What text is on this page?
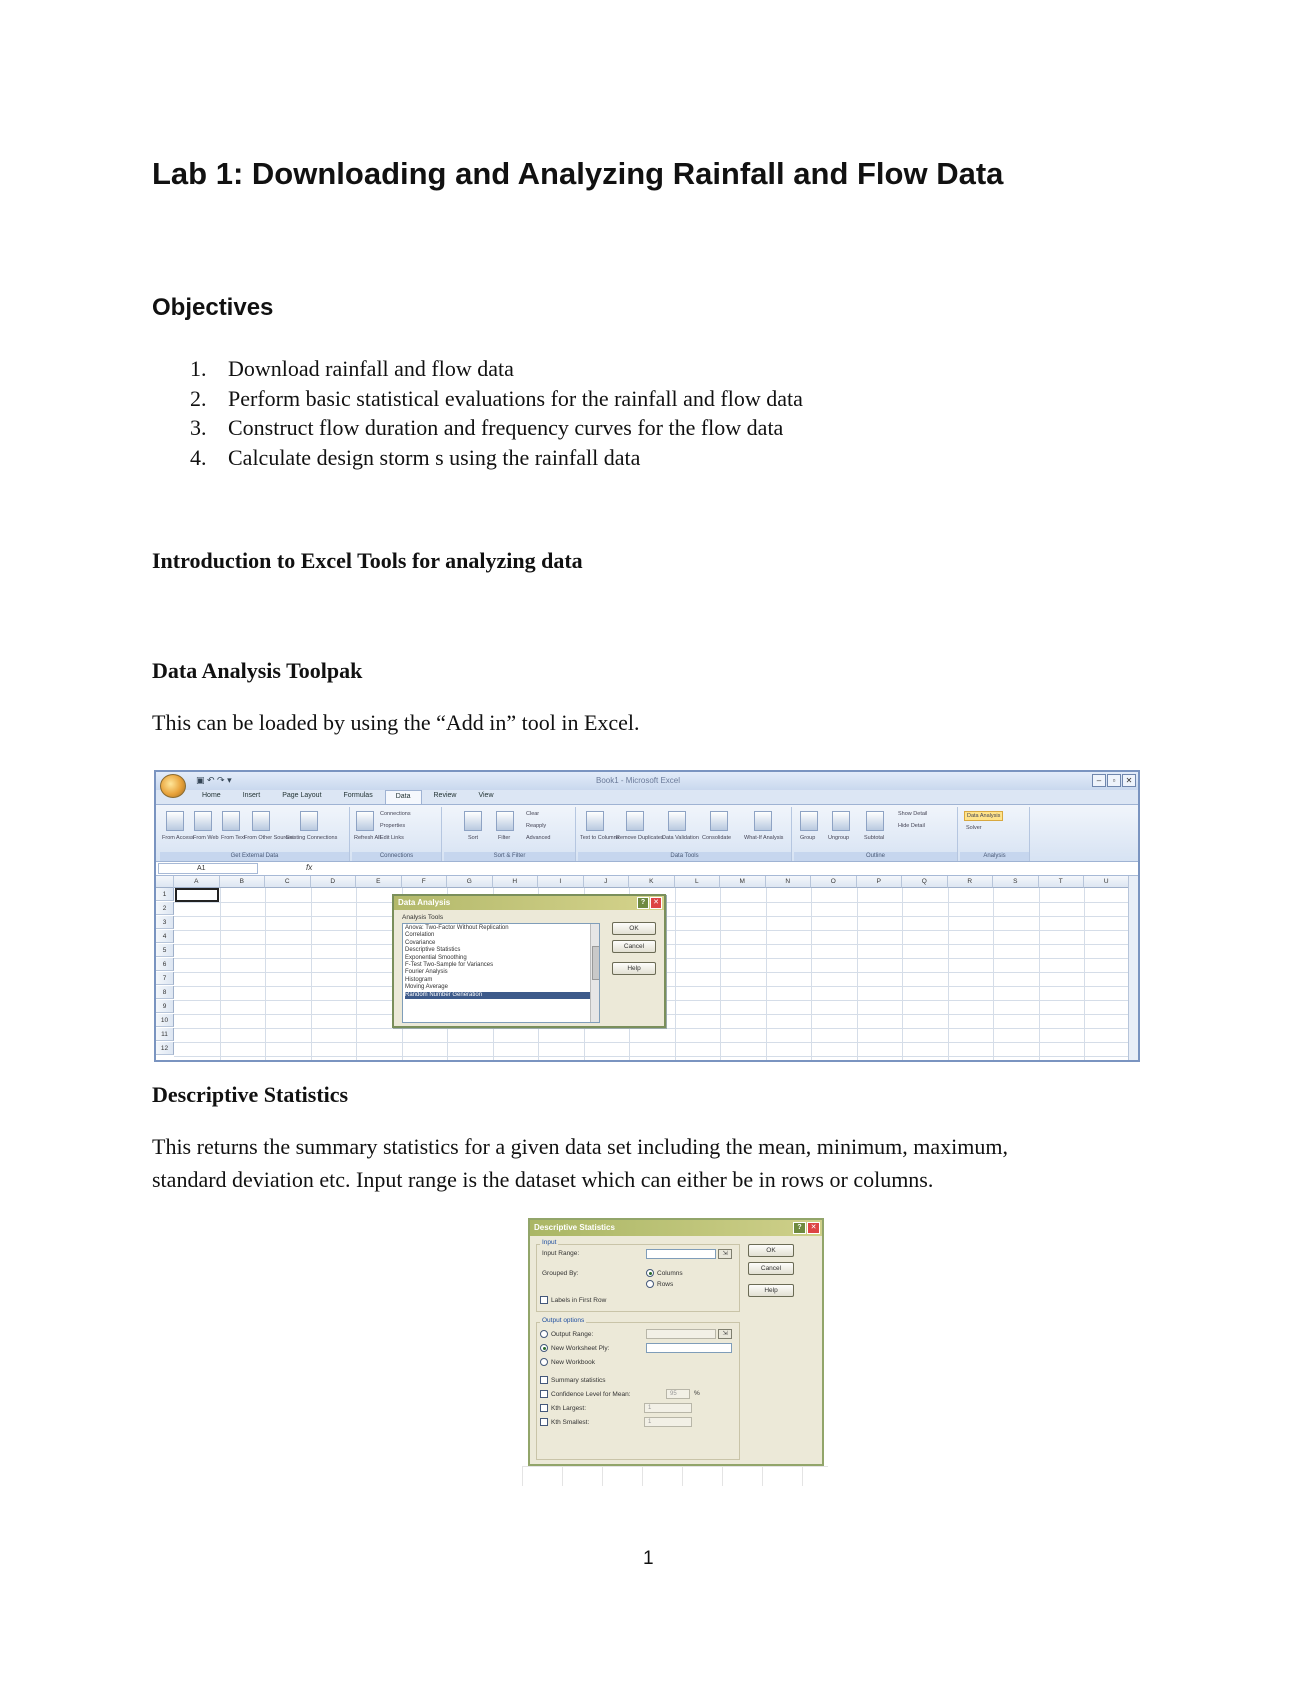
Lab 1: Downloading and Analyzing Rainfall and Flow Data
Objectives
1. Download rainfall and flow data
2. Perform basic statistical evaluations for the rainfall and flow data
3. Construct flow duration and frequency curves for the flow data
4. Calculate design storm s using the rainfall data
Introduction to Excel Tools for analyzing data
Data Analysis Toolpak
This can be loaded by using the “Add in” tool in Excel.
▣ ↶ ↷ ▾	Book1 - Microsoft Excel	–	▫	✕
Home	Insert	Page Layout	Formulas	Data	Review	View
From Access From Web From Text
From Other Sources
Existing Connections
Get External Data
Refresh All
Connections
Properties
Edit Links
Connections
Sort	Filter
Clear
Reapply
Advanced
Sort & Filter
Text to Columns
Remove Duplicates
Data Validation Consolidate What-If Analysis
Data Tools
Group Ungroup	Subtotal
Show Detail
Hide Detail
Outline
Data Analysis
Solver
Analysis
A1	fx
A	B	C	D	E	F	G	H	I	J	K	L	M	N	O	P	Q	R	S	T	U
1
2
3
4
5
6
7
8
9
10
11
12
Data Analysis	?	✕
Analysis Tools
Anova: Two-Factor Without Replication
Correlation
Covariance
Descriptive Statistics
Exponential Smoothing
F-Test Two-Sample for Variances
Fourier Analysis
Histogram
Moving Average
Random Number Generation
OK
Cancel
Help
Descriptive Statistics
This returns the summary statistics for a given data set including the mean, minimum, maximum,
standard deviation etc. Input range is the dataset which can either be in rows or columns.
Descriptive Statistics	?	✕
Input
Input Range:	⇲
Grouped By:	Columns
Rows
Labels in First Row
Output options
Output Range:	⇲
New Worksheet Ply:
New Workbook
Summary statistics
Confidence Level for Mean:	95	%
Kth Largest:	1
Kth Smallest:	1
OK
Cancel
Help
1
